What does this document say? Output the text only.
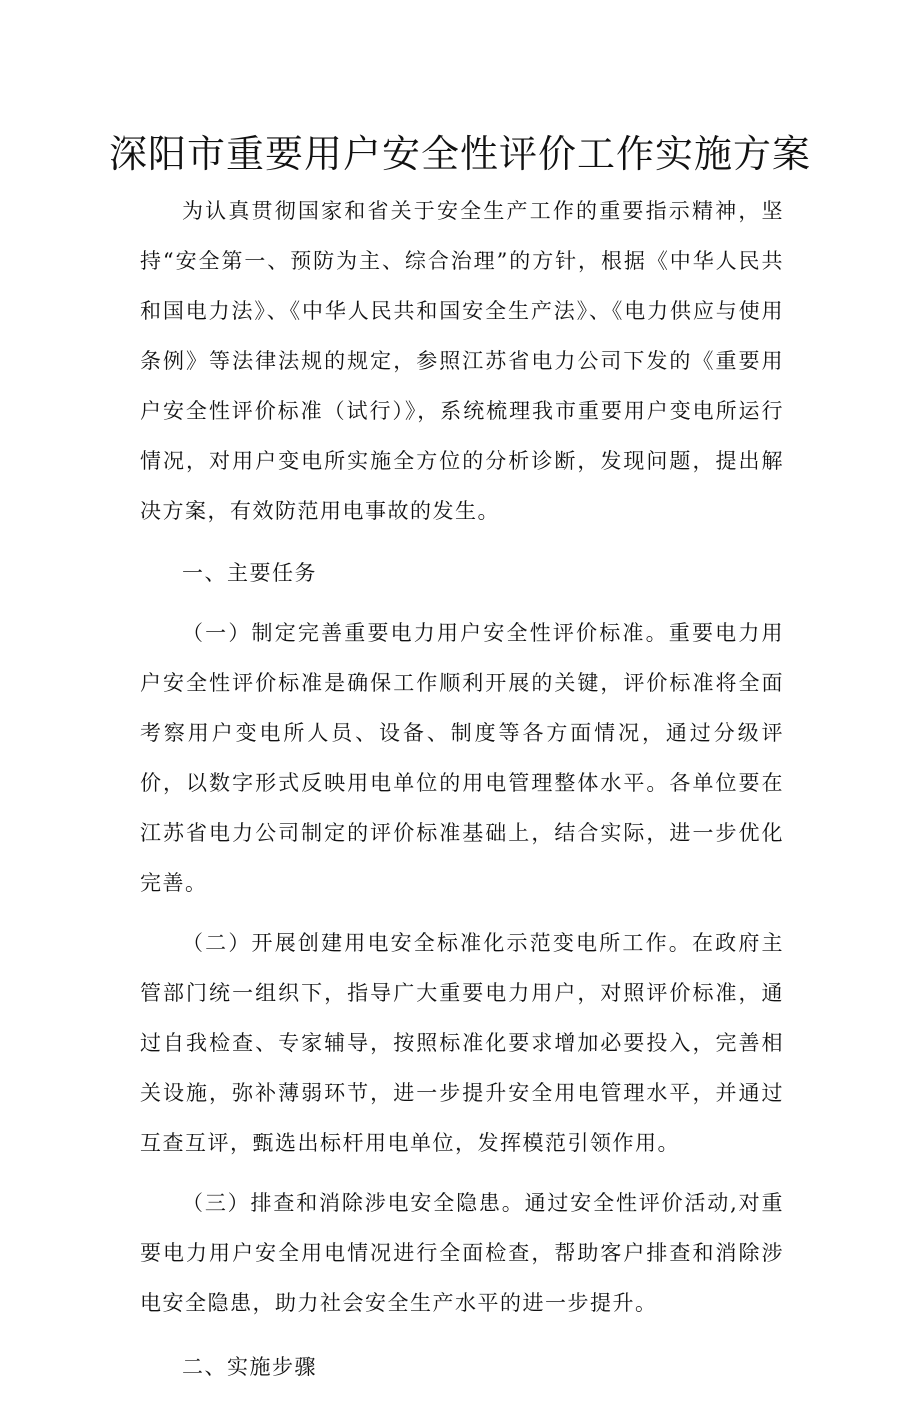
深阳市重要用户安全性评价工作实施方案

为认真贯彻国家和省关于安全生产工作的重要指示精神，坚持“安全第一、预防为主、综合治理”的方针，根据《中华人民共和国电力法》、《中华人民共和国安全生产法》、《电力供应与使用条例》等法律法规的规定，参照江苏省电力公司下发的《重要用户安全性评价标准（试行）》，系统梳理我市重要用户变电所运行情况，对用户变电所实施全方位的分析诊断，发现问题，提出解决方案，有效防范用电事故的发生。

一、主要任务

（一）制定完善重要电力用户安全性评价标准。重要电力用户安全性评价标准是确保工作顺利开展的关键，评价标准将全面考察用户变电所人员、设备、制度等各方面情况，通过分级评价，以数字形式反映用电单位的用电管理整体水平。各单位要在江苏省电力公司制定的评价标准基础上，结合实际，进一步优化完善。

（二）开展创建用电安全标准化示范变电所工作。在政府主管部门统一组织下，指导广大重要电力用户，对照评价标准，通过自我检查、专家辅导，按照标准化要求增加必要投入，完善相关设施，弥补薄弱环节，进一步提升安全用电管理水平，并通过互查互评，甄选出标杆用电单位，发挥模范引领作用。

（三）排查和消除涉电安全隐患。通过安全性评价活动,对重要电力用户安全用电情况进行全面检查，帮助客户排查和消除涉电安全隐患，助力社会安全生产水平的进一步提升。

二、实施步骤
